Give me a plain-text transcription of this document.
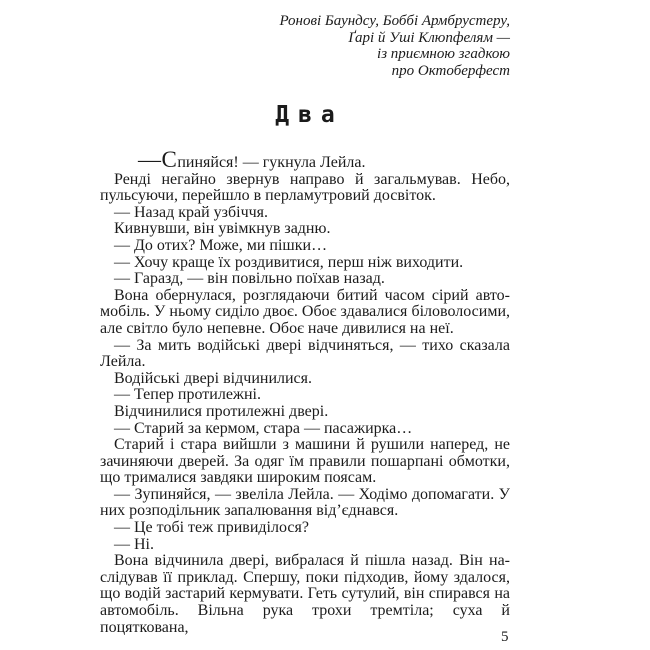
Ронові Баундсу, Боббі Армбрустеру,
Ґарі й Уші Клюпфелям —
із приємною згадкою
про Октоберфест
Два

—Спиняйся! — гукнула Лейла.

Ренді негайно звернув направо й загальмував. Небо, пульсуючи, перейшло в перламутровий досвіток.

— Назад край узбіччя.

Кивнувши, він увімкнув задню.

— До отих? Може, ми пішки…

— Хочу краще їх роздивитися, перш ніж виходити.

— Гаразд, — він повільно поїхав назад.

Вона обернулася, розглядаючи битий часом сірий автомобіль. У ньому сиділо двоє. Обоє здавалися біловолосими, але світло було непевне. Обоє наче дивилися на неї.

— За мить водійські двері відчиняться, — тихо сказала Лейла.

Водійські двері відчинилися.

— Тепер протилежні.

Відчинилися протилежні двері.

— Старий за кермом, стара — пасажирка…

Старий і стара вийшли з машини й рушили наперед, не зачиняючи дверей. За одяг їм правили пошарпані обмотки, що трималися завдяки широким поясам.

— Зупиняйся, — звеліла Лейла. — Ходімо допомагати. У них розподільник запалювання від’єднався.

— Це тобі теж привиділося?

— Ні.

Вона відчинила двері, вибралася й пішла назад. Він наслідував її приклад. Спершу, поки підходив, йому здалося, що водій застарий кермувати. Геть сутулий, він спирався на автомобіль. Вільна рука трохи тремтіла; суха й поцяткована,

5
